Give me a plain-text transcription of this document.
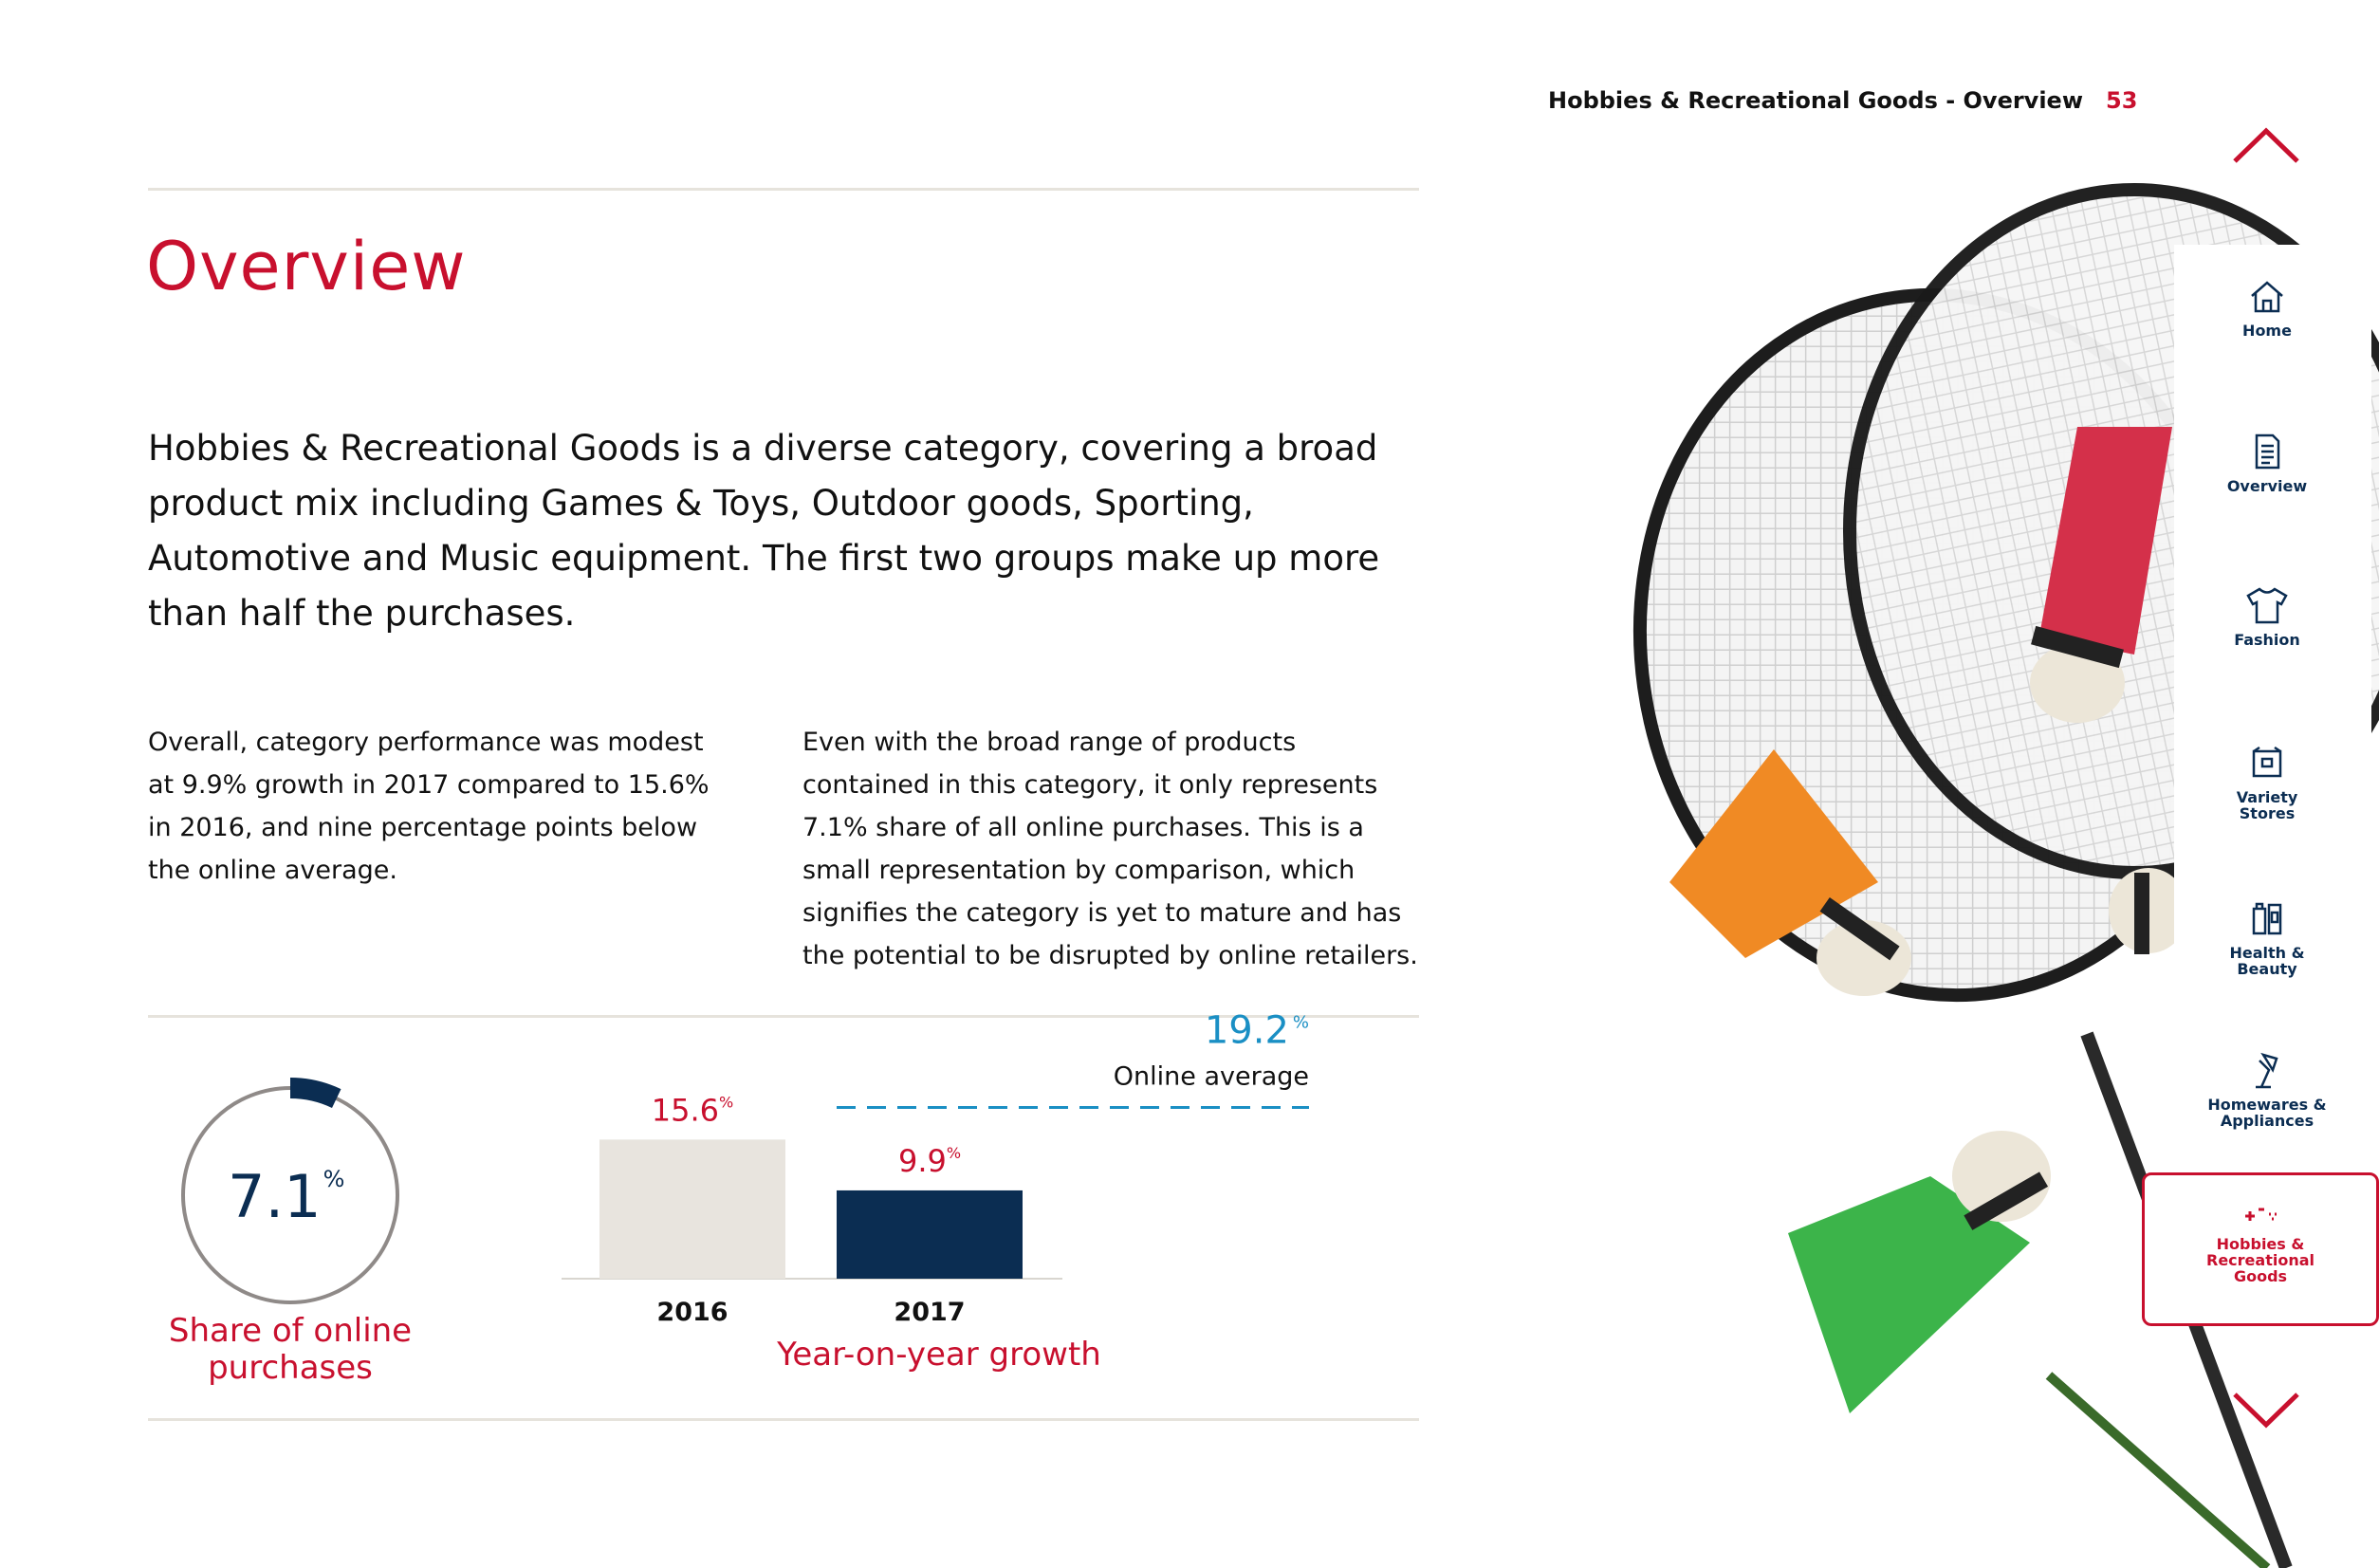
Hobbies & Recreational Goods - Overview 53
Overview

Hobbies & Recreational Goods is a diverse category, covering a broad product mix including Games & Toys, Outdoor goods, Sporting, Automotive and Music equipment. The first two groups make up more than half the purchases.

Overall, category performance was modest at 9.9% growth in 2017 compared to 15.6% in 2016, and nine percentage points below the online average.

Even with the broad range of products contained in this category, it only represents 7.1% share of all online purchases. This is a small representation by comparison, which signifies the category is yet to mature and has the potential to be disrupted by online retailers.

7.1%
Share of online purchases
15.6%
2016
9.9%
2017
19.2 %
Online average
Year-on-year growth
Home
Overview
Fashion
Variety Stores
Health & Beauty
Homewares & Appliances
Hobbies & Recreational Goods
